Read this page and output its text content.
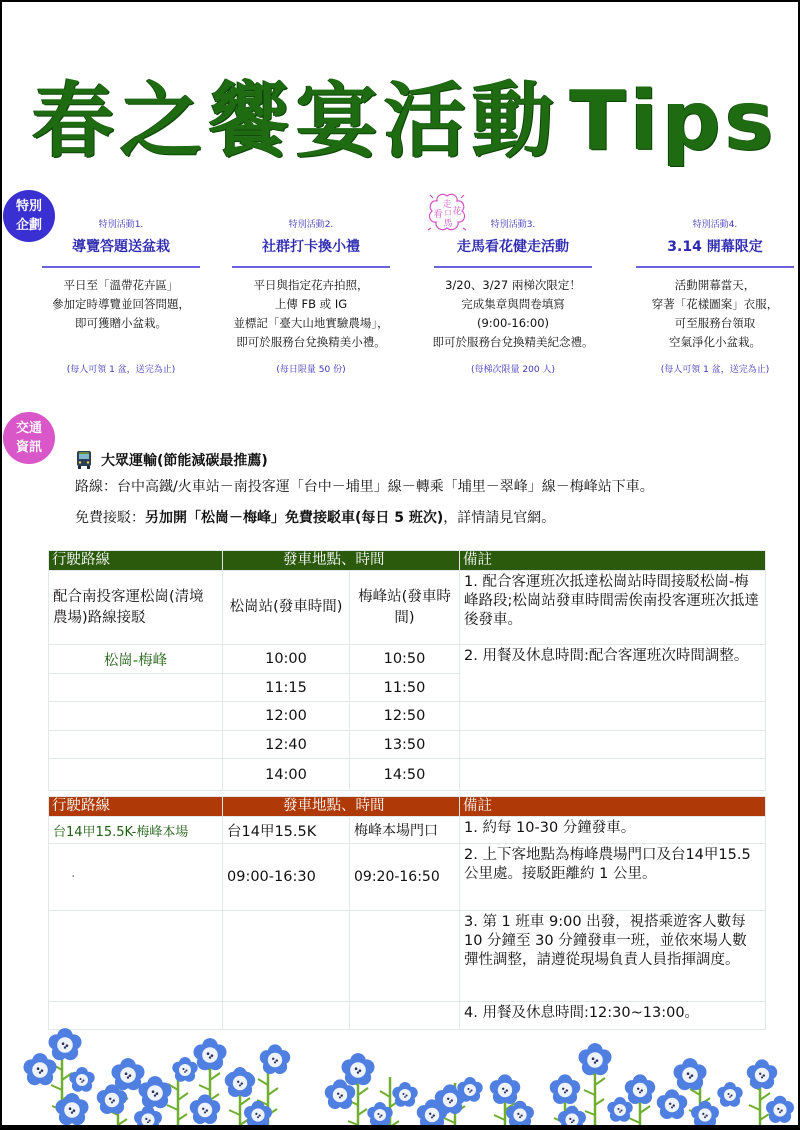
春之饗宴活動 Tips
特別
企劃
走
看 口 花
馬
特別活動1.
導覽答題送盆栽
平日至「溫帶花卉區」
參加定時導覽並回答問題，
即可獲贈小盆栽。
(每人可領 1 盆，送完為止)
特別活動2.
社群打卡換小禮
平日與指定花卉拍照，
上傳 FB 或 IG
並標記「臺大山地實驗農場」，
即可於服務台兌換精美小禮。
(每日限量 50 份)
特別活動3.
走馬看花健走活動
3/20、3/27 兩梯次限定！
完成集章與問卷填寫
(9:00-16:00)
即可於服務台兌換精美紀念禮。
(每梯次限量 200 人)
特別活動4.
3.14 開幕限定
活動開幕當天，
穿著「花樣圖案」衣服，
可至服務台領取
空氣淨化小盆栽。
(每人可領 1 盆，送完為止)
交通
資訊
大眾運輸(節能減碳最推薦)
路線：台中高鐵/火車站－南投客運「台中－埔里」線－轉乘「埔里－翠峰」線－梅峰站下車。
免費接駁：另加開「松崗－梅峰」免費接駁車(每日 5 班次)，詳情請見官網。
行駛路線	發車地點、時間		備註
配合南投客運松崗(清境農場)路線接駁	松崗站(發車時間)	梅峰站(發車時間)	1. 配合客運班次抵達松崗站時間接駁松崗-梅峰路段;松崗站發車時間需俟南投客運班次抵達後發車。
松崗-梅峰	10:00	10:50	2. 用餐及休息時間:配合客運班次時間調整。
	11:15	11:50	
	12:00	12:50	
	12:40	13:50	
	14:00	14:50	
行駛路線	發車地點、時間		備註
台14甲15.5K-梅峰本場	台14甲15.5K	梅峰本場門口	1. 約每 10-30 分鐘發車。
·	09:00-16:30	09:20-16:50	2. 上下客地點為梅峰農場門口及台14甲15.5 公里處。接駁距離約 1 公里。
			3. 第 1 班車 9:00 出發，視搭乘遊客人數每 10 分鐘至 30 分鐘發車一班，並依來場人數彈性調整，請遵從現場負責人員指揮調度。
			4. 用餐及休息時間:12:30~13:00。
